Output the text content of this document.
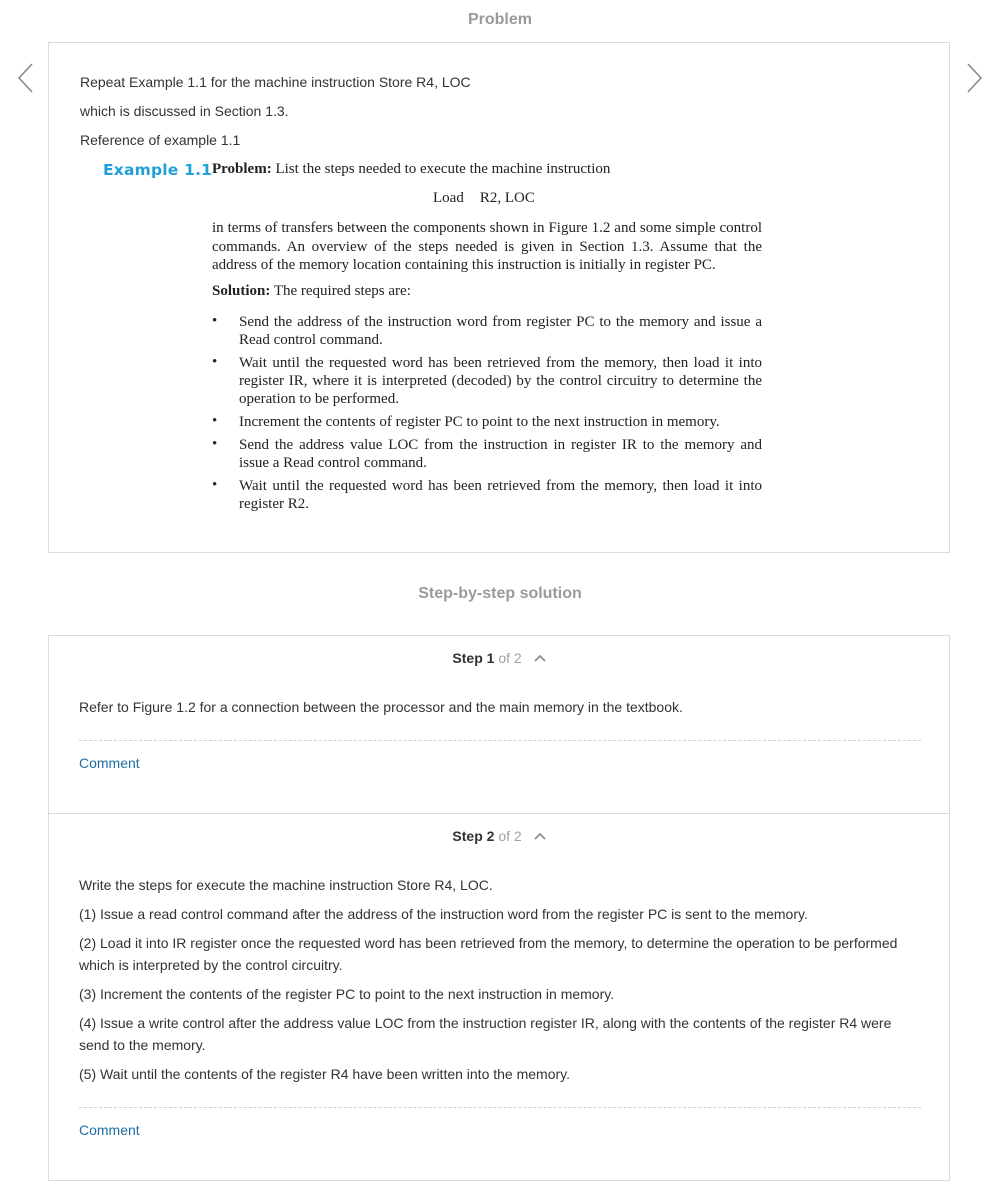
Problem
Repeat Example 1.1 for the machine instruction Store R4, LOC
which is discussed in Section 1.3.
Reference of example 1.1
Example 1.1 Problem: List the steps needed to execute the machine instruction
Load R2, LOC
in terms of transfers between the components shown in Figure 1.2 and some simple control commands. An overview of the steps needed is given in Section 1.3. Assume that the address of the memory location containing this instruction is initially in register PC.
Solution: The required steps are:
• Send the address of the instruction word from register PC to the memory and issue a Read control command.
• Wait until the requested word has been retrieved from the memory, then load it into register IR, where it is interpreted (decoded) by the control circuitry to determine the operation to be performed.
• Increment the contents of register PC to point to the next instruction in memory.
• Send the address value LOC from the instruction in register IR to the memory and issue a Read control command.
• Wait until the requested word has been retrieved from the memory, then load it into register R2.
Step-by-step solution
Step 1 of 2
Refer to Figure 1.2 for a connection between the processor and the main memory in the textbook.
Comment
Step 2 of 2
Write the steps for execute the machine instruction Store R4, LOC.
(1) Issue a read control command after the address of the instruction word from the register PC is sent to the memory.
(2) Load it into IR register once the requested word has been retrieved from the memory, to determine the operation to be performed which is interpreted by the control circuitry.
(3) Increment the contents of the register PC to point to the next instruction in memory.
(4) Issue a write control after the address value LOC from the instruction register IR, along with the contents of the register R4 were send to the memory.
(5) Wait until the contents of the register R4 have been written into the memory.
Comment
